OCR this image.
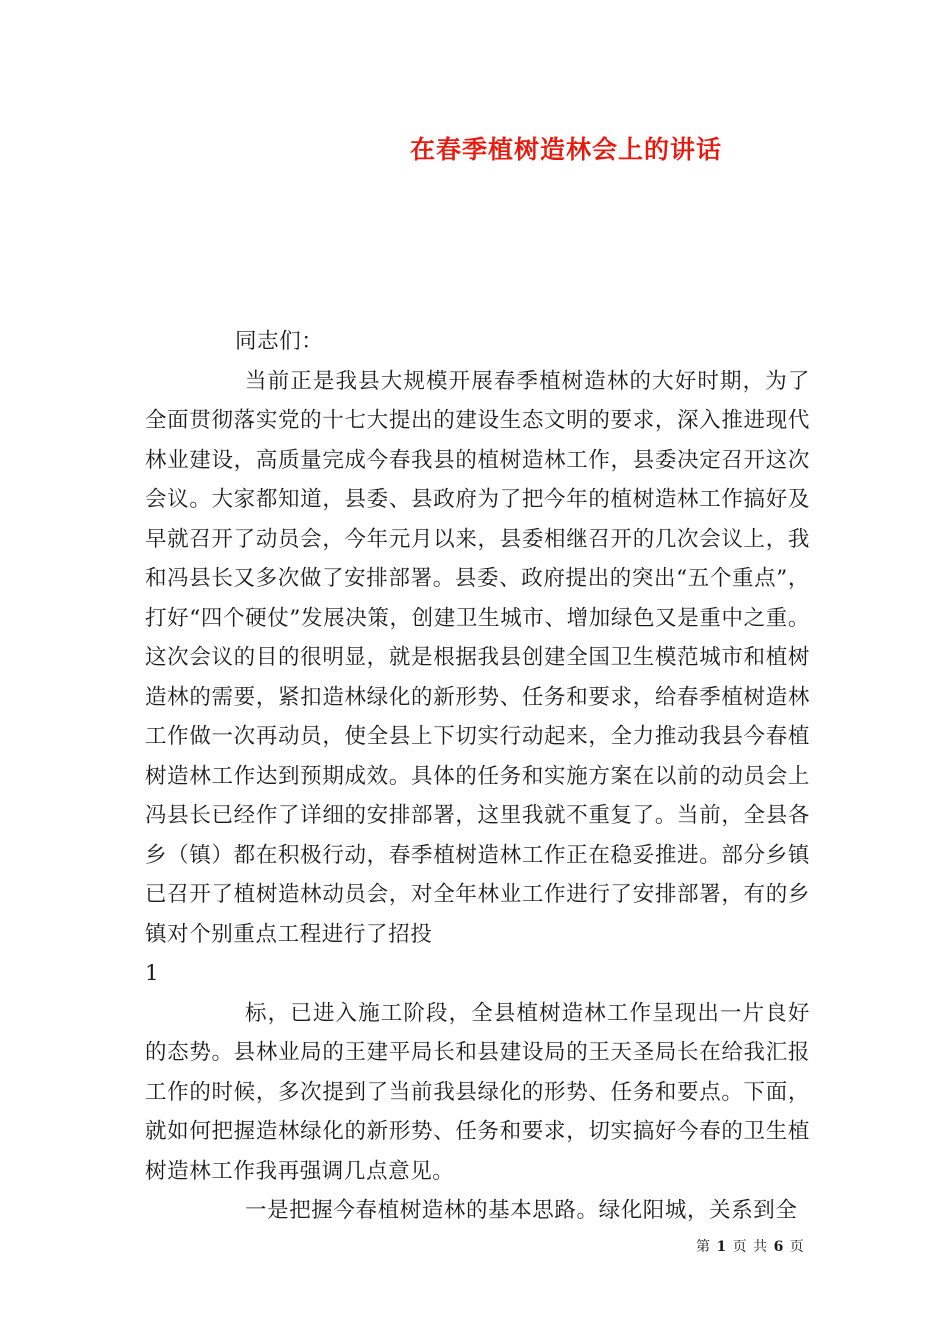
在春季植树造林会上的讲话

同志们：

当前正是我县大规模开展春季植树造林的大好时期，为了全面贯彻落实党的十七大提出的建设生态文明的要求，深入推进现代林业建设，高质量完成今春我县的植树造林工作，县委决定召开这次会议。大家都知道，县委、县政府为了把今年的植树造林工作搞好及早就召开了动员会，今年元月以来，县委相继召开的几次会议上，我和冯县长又多次做了安排部署。县委、政府提出的突出“五个重点”，打好“四个硬仗”发展决策，创建卫生城市、增加绿色又是重中之重。这次会议的目的很明显，就是根据我县创建全国卫生模范城市和植树造林的需要，紧扣造林绿化的新形势、任务和要求，给春季植树造林工作做一次再动员，使全县上下切实行动起来，全力推动我县今春植树造林工作达到预期成效。具体的任务和实施方案在以前的动员会上冯县长已经作了详细的安排部署，这里我就不重复了。当前，全县各乡（镇）都在积极行动，春季植树造林工作正在稳妥推进。部分乡镇已召开了植树造林动员会，对全年林业工作进行了安排部署，有的乡镇对个别重点工程进行了招投

1

标，已进入施工阶段，全县植树造林工作呈现出一片良好的态势。县林业局的王建平局长和县建设局的王天圣局长在给我汇报工作的时候，多次提到了当前我县绿化的形势、任务和要点。下面，就如何把握造林绿化的新形势、任务和要求，切实搞好今春的卫生植树造林工作我再强调几点意见。

一是把握今春植树造林的基本思路。绿化阳城，关系到全

第 1 页 共 6 页
